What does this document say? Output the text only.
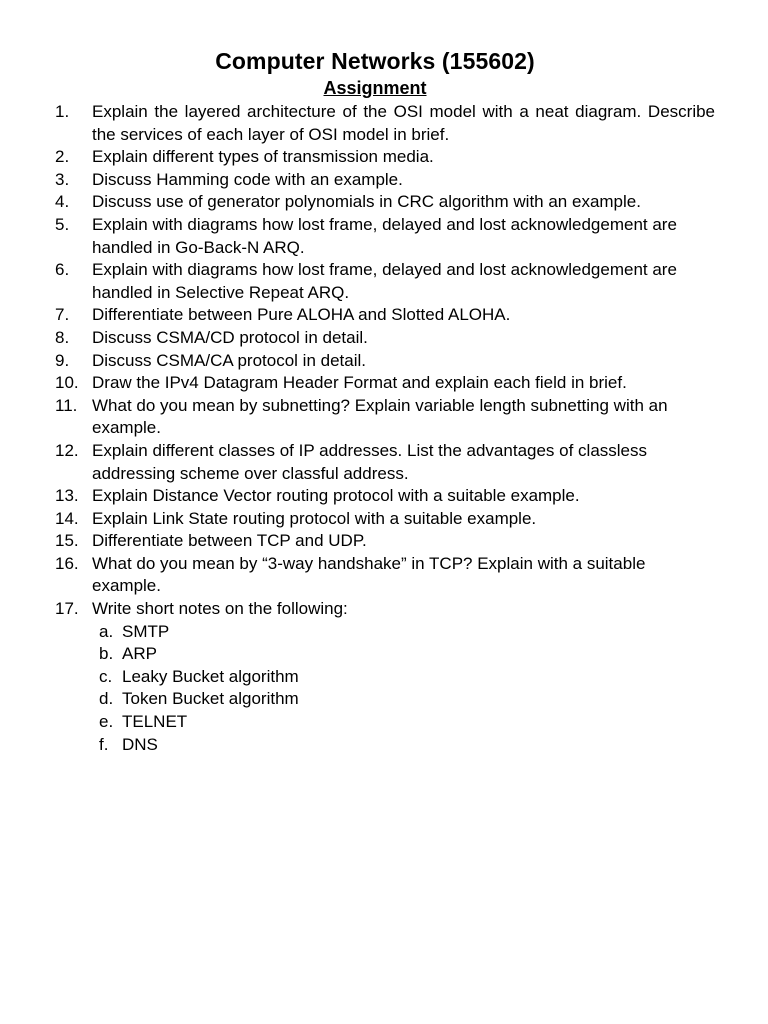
Computer Networks (155602)
Assignment
1. Explain the layered architecture of the OSI model with a neat diagram. Describe the services of each layer of OSI model in brief.
2. Explain different types of transmission media.
3. Discuss Hamming code with an example.
4. Discuss use of generator polynomials in CRC algorithm with an example.
5. Explain with diagrams how lost frame, delayed and lost acknowledgement are handled in Go-Back-N ARQ.
6. Explain with diagrams how lost frame, delayed and lost acknowledgement are handled in Selective Repeat ARQ.
7. Differentiate between Pure ALOHA and Slotted ALOHA.
8. Discuss CSMA/CD protocol in detail.
9. Discuss CSMA/CA protocol in detail.
10. Draw the IPv4 Datagram Header Format and explain each field in brief.
11. What do you mean by subnetting? Explain variable length subnetting with an example.
12. Explain different classes of IP addresses. List the advantages of classless addressing scheme over classful address.
13. Explain Distance Vector routing protocol with a suitable example.
14. Explain Link State routing protocol with a suitable example.
15. Differentiate between TCP and UDP.
16. What do you mean by “3-way handshake” in TCP? Explain with a suitable example.
17. Write short notes on the following:
a. SMTP
b. ARP
c. Leaky Bucket algorithm
d. Token Bucket algorithm
e. TELNET
f. DNS
